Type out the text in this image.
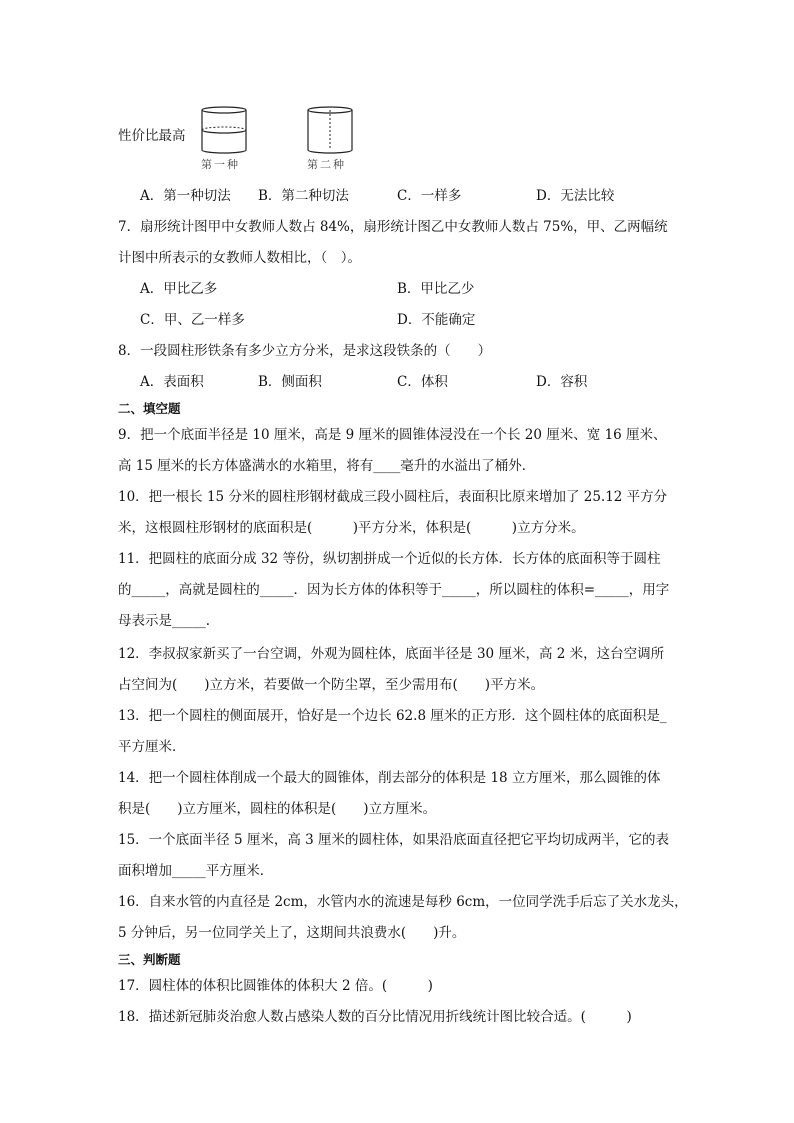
性价比最高
第一种	第二种
A．第一种切法 B．第二种切法	C．一样多	D．无法比较
7．扇形统计图甲中女教师人数占 84%，扇形统计图乙中女教师人数占 75%，甲、乙两幅统
计图中所表示的女教师人数相比，（　）。
A．甲比乙多	B．甲比乙少
C．甲、乙一样多	D．不能确定
8．一段圆柱形铁条有多少立方分米，是求这段铁条的（　　）
A．表面积	B．侧面积	C．体积	D．容积
二、填空题
9．把一个底面半径是 10 厘米，高是 9 厘米的圆锥体浸没在一个长 20 厘米、宽 16 厘米、
高 15 厘米的长方体盛满水的水箱里，将有____毫升的水溢出了桶外．
10．把一根长 15 分米的圆柱形钢材截成三段小圆柱后，表面积比原来增加了 25.12 平方分
米，这根圆柱形钢材的底面积是(　　　)平方分米，体积是(　　　)立方分米。
11．把圆柱的底面分成 32 等份，纵切割拼成一个近似的长方体．长方体的底面积等于圆柱
的_____，高就是圆柱的_____．因为长方体的体积等于_____，所以圆柱的体积=_____，用字
母表示是_____.
12．李叔叔家新买了一台空调，外观为圆柱体，底面半径是 30 厘米，高 2 米，这台空调所
占空间为(　　)立方米，若要做一个防尘罩，至少需用布(　　)平方米。
13．把一个圆柱的侧面展开，恰好是一个边长 62.8 厘米的正方形．这个圆柱体的底面积是_
平方厘米．
14．把一个圆柱体削成一个最大的圆锥体，削去部分的体积是 18 立方厘米，那么圆锥的体
积是(　　)立方厘米，圆柱的体积是(　　)立方厘米。
15．一个底面半径 5 厘米，高 3 厘米的圆柱体，如果沿底面直径把它平均切成两半，它的表
面积增加_____平方厘米．
16．自来水管的内直径是 2cm，水管内水的流速是每秒 6cm，一位同学洗手后忘了关水龙头，
5 分钟后，另一位同学关上了，这期间共浪费水(　　)升。
三、判断题
17．圆柱体的体积比圆锥体的体积大 2 倍。(　　　)
18．描述新冠肺炎治愈人数占感染人数的百分比情况用折线统计图比较合适。(　　　)
